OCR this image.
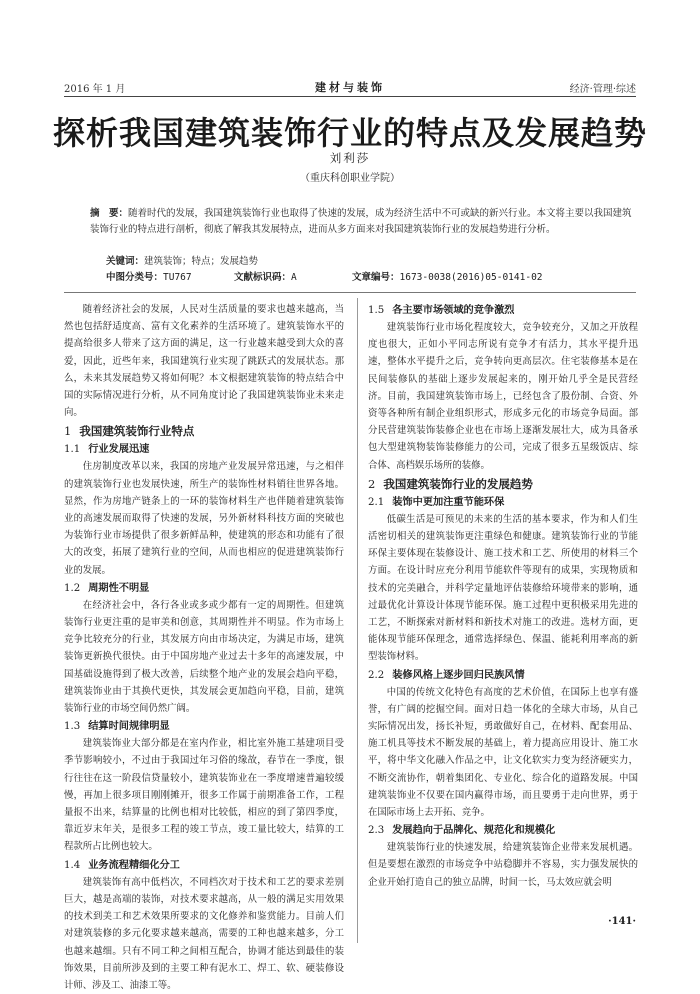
2016 年 1 月	建材与装饰	经济·管理·综述
探析我国建筑装饰行业的特点及发展趋势
刘利莎
（重庆科创职业学院）
摘　要：随着时代的发展，我国建筑装饰行业也取得了快速的发展，成为经济生活中不可或缺的新兴行业。本文将主要以我国建筑装饰行业的特点进行剖析，彻底了解我其发展特点，进而从多方面来对我国建筑装饰行业的发展趋势进行分析。
关键词：建筑装饰；特点；发展趋势
中图分类号：TU767	文献标识码：A	文章编号：1673-0038(2016)05-0141-02

随着经济社会的发展，人民对生活质量的要求也越来越高，当然也包括舒适度高、富有文化素养的生活环境了。建筑装饰水平的提高给很多人带来了这方面的满足，这一行业越来越受到大众的喜爱，因此，近些年来，我国建筑行业实现了跳跃式的发展状态。那么，未来其发展趋势又将如何呢？本文根据建筑装饰的特点结合中国的实际情况进行分析，从不同角度讨论了我国建筑装饰业未来走向。

1 我国建筑装饰行业特点
1.1 行业发展迅速

住房制度改革以来，我国的房地产业发展异常迅速，与之相伴的建筑装饰行业也发展快速，所生产的装饰性材料销往世界各地。显然，作为房地产链条上的一环的装饰材料生产也伴随着建筑装饰业的高速发展而取得了快速的发展，另外新材料科技方面的突破也为装饰行业市场提供了很多新鲜品种，使建筑的形态和功能有了很大的改变，拓展了建筑行业的空间，从而也相应的促进建筑装饰行业的发展。

1.2 周期性不明显

在经济社会中，各行各业或多或少都有一定的周期性。但建筑装饰行业更注重的是审美和创意，其周期性并不明显。作为市场上竞争比较充分的行业，其发展方向由市场决定，为满足市场，建筑装饰更新换代很快。由于中国房地产业过去十多年的高速发展，中国基础设施得到了极大改善，后续整个地产业的发展会趋向平稳，建筑装饰业由于其换代更快，其发展会更加趋向平稳，目前，建筑装饰行业的市场空间仍然广阔。

1.3 结算时间规律明显

建筑装饰业大部分都是在室内作业，相比室外施工基建项目受季节影响较小，不过由于我国过年习俗的缘故，春节在一季度，银行往往在这一阶段信贷量较小，建筑装饰业在一季度增速普遍较缓慢，再加上很多项目刚刚摊开，很多工作属于前期准备工作，工程量报不出来，结算量的比例也相对比较低，相应的到了第四季度，靠近岁末年关，是很多工程的竣工节点，竣工量比较大，结算的工程款所占比例也较大。

1.4 业务流程精细化分工

建筑装饰有高中低档次，不同档次对于技术和工艺的要求差别巨大，越是高端的装饰，对技术要求越高，从一般的满足实用效果的技术到美工和艺术效果所要求的文化修养和鉴赏能力。目前人们对建筑装修的多元化要求越来越高，需要的工种也越来越多，分工也越来越细。只有不同工种之间相互配合，协调才能达到最佳的装饰效果，目前所涉及到的主要工种有泥水工、焊工、软、硬装修设计师、涉及工、油漆工等。

1.5 各主要市场领域的竞争激烈

建筑装饰行业市场化程度较大，竞争较充分，又加之开放程度也很大，正如小平同志所说有竞争才有活力，其水平提升迅速，整体水平提升之后，竞争转向更高层次。住宅装修基本是在民间装修队的基础上逐步发展起来的，刚开始几乎全是民营经济。目前，我国建筑装饰市场上，已经包含了股份制、合资、外资等各种所有制企业组织形式，形成多元化的市场竞争局面。部分民营建筑装饰装修企业也在市场上逐渐发展壮大，成为具备承包大型建筑物装饰装修能力的公司，完成了很多五星级饭店、综合体、高档娱乐场所的装修。

2 我国建筑装饰行业的发展趋势
2.1 装饰中更加注重节能环保

低碳生活是可预见的未来的生活的基本要求，作为和人们生活密切相关的建筑装饰更注重绿色和健康。建筑装饰行业的节能环保主要体现在装修设计、施工技术和工艺、所使用的材料三个方面。在设计时应充分利用节能软件等现有的成果，实现物质和技术的完美融合，并科学定量地评估装修给环境带来的影响，通过最优化计算设计体现节能环保。施工过程中更积极采用先进的工艺，不断探索对新材料和新技术对施工的改进。选材方面，更能体现节能环保理念，通常选择绿色、保温、能耗利用率高的新型装饰材料。

2.2 装修风格上逐步回归民族风情

中国的传统文化特色有高度的艺术价值，在国际上也享有盛誉，有广阔的挖掘空间。面对日趋一体化的全球大市场，从自己实际情况出发，扬长补短，勇敢做好自己，在材料、配套用品、施工机具等技术不断发展的基础上，着力提高应用设计、施工水平，将中华文化融入作品之中，让文化软实力变为经济硬实力，不断交流协作，朝着集团化、专业化、综合化的道路发展。中国建筑装饰业不仅要在国内赢得市场，而且要勇于走向世界，勇于在国际市场上去开拓、竞争。

2.3 发展趋向于品牌化、规范化和规模化

建筑装饰行业的快速发展，给建筑装饰企业带来发展机遇。但是要想在激烈的市场竞争中站稳脚并不容易，实力强发展快的企业开始打造自己的独立品牌，时间一长，马太效应就会明

·141·
